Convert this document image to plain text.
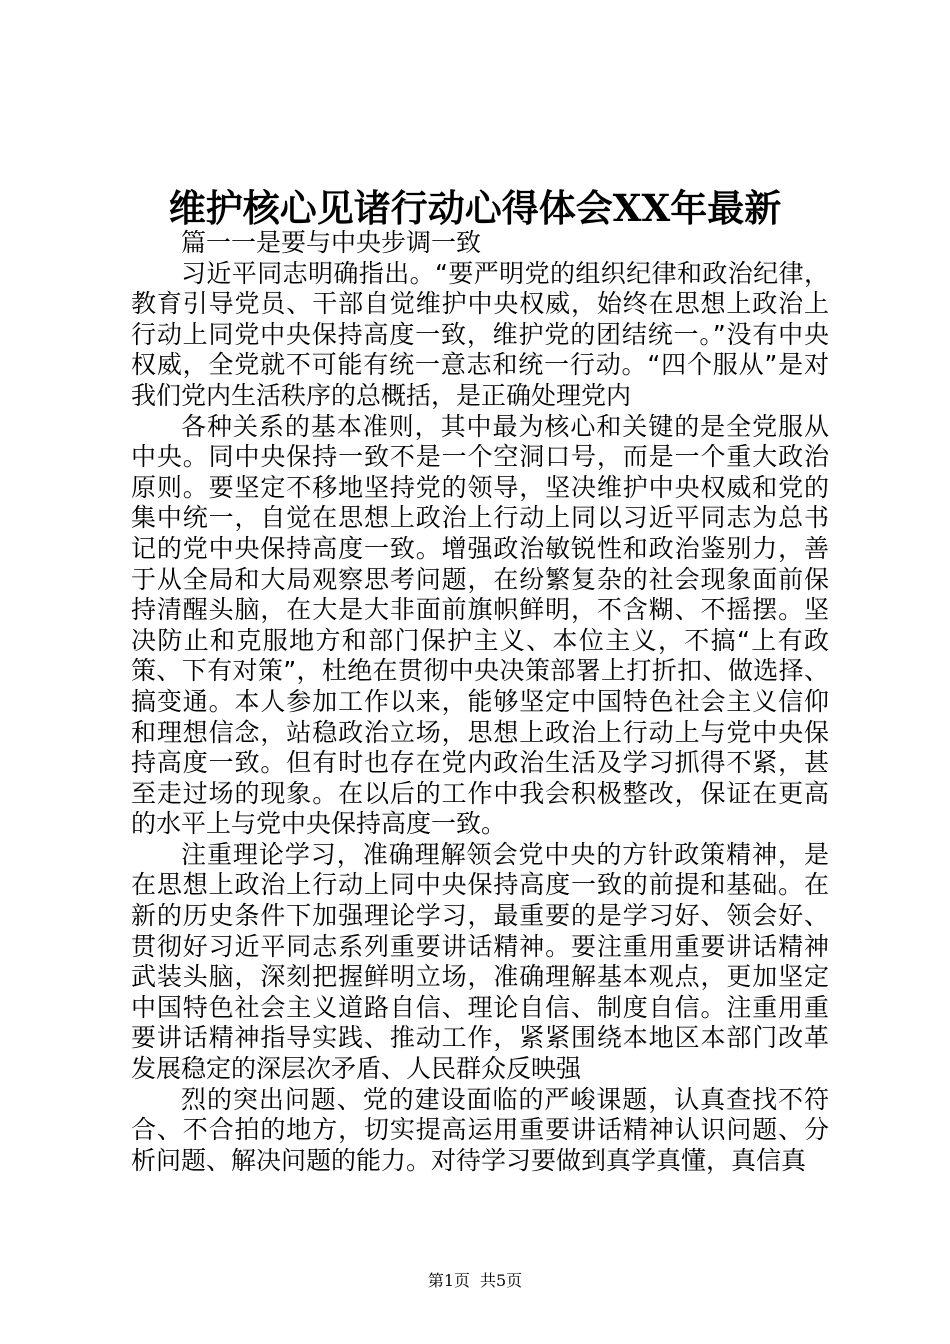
维护核心见诸行动心得体会XX年最新

篇一一是要与中央步调一致

习近平同志明确指出。“要严明党的组织纪律和政治纪律，教育引导党员、干部自觉维护中央权威，始终在思想上政治上行动上同党中央保持高度一致，维护党的团结统一。”没有中央权威，全党就不可能有统一意志和统一行动。“四个服从”是对我们党内生活秩序的总概括，是正确处理党内

各种关系的基本准则，其中最为核心和关键的是全党服从中央。同中央保持一致不是一个空洞口号，而是一个重大政治原则。要坚定不移地坚持党的领导，坚决维护中央权威和党的集中统一，自觉在思想上政治上行动上同以习近平同志为总书记的党中央保持高度一致。增强政治敏锐性和政治鉴别力，善于从全局和大局观察思考问题，在纷繁复杂的社会现象面前保持清醒头脑，在大是大非面前旗帜鲜明，不含糊、不摇摆。坚决防止和克服地方和部门保护主义、本位主义，不搞“上有政策、下有对策”，杜绝在贯彻中央决策部署上打折扣、做选择、搞变通。本人参加工作以来，能够坚定中国特色社会主义信仰和理想信念，站稳政治立场，思想上政治上行动上与党中央保持高度一致。但有时也存在党内政治生活及学习抓得不紧，甚至走过场的现象。在以后的工作中我会积极整改，保证在更高的水平上与党中央保持高度一致。

注重理论学习，准确理解领会党中央的方针政策精神，是在思想上政治上行动上同中央保持高度一致的前提和基础。在新的历史条件下加强理论学习，最重要的是学习好、领会好、贯彻好习近平同志系列重要讲话精神。要注重用重要讲话精神武装头脑，深刻把握鲜明立场，准确理解基本观点，更加坚定中国特色社会主义道路自信、理论自信、制度自信。注重用重要讲话精神指导实践、推动工作，紧紧围绕本地区本部门改革发展稳定的深层次矛盾、人民群众反映强

烈的突出问题、党的建设面临的严峻课题，认真查找不符合、不合拍的地方，切实提高运用重要讲话精神认识问题、分析问题、解决问题的能力。对待学习要做到真学真懂，真信真

第1页 共5页
